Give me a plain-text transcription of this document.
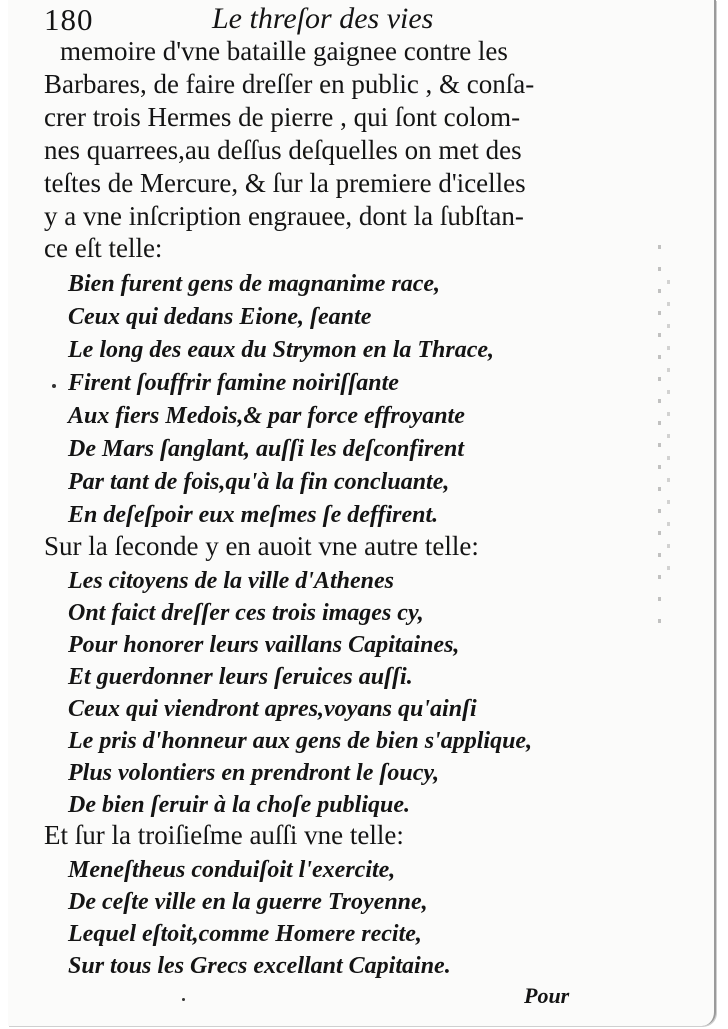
180	Le threſor des vies
memoire d'vne bataille gaignee contre les
Barbares, de faire dreſſer en public , & conſa-
crer trois Hermes de pierre , qui ſont colom-
nes quarrees,au deſſus deſquelles on met des
teſtes de Mercure, & ſur la premiere d'icelles
y a vne inſcription engrauee, dont la ſubſtan-
ce eſt telle:
Bien furent gens de magnanime race,
Ceux qui dedans Eione, ſeante
Le long des eaux du Strymon en la Thrace,
Firent ſouffrir famine noiriſſante
Aux fiers Medois,& par force effroyante
De Mars ſanglant, auſſi les deſconfirent
Par tant de fois,qu'à la fin concluante,
En deſeſpoir eux meſmes ſe deffirent.
Sur la ſeconde y en auoit vne autre telle:
Les citoyens de la ville d'Athenes
Ont faict dreſſer ces trois images cy,
Pour honorer leurs vaillans Capitaines,
Et guerdonner leurs ſeruices auſſi.
Ceux qui viendront apres,voyans qu'ainſi
Le pris d'honneur aux gens de bien s'applique,
Plus volontiers en prendront le ſoucy,
De bien ſeruir à la choſe publique.
Et ſur la troiſieſme auſſi vne telle:
Meneſtheus conduiſoit l'exercite,
De ceſte ville en la guerre Troyenne,
Lequel eſtoit,comme Homere recite,
Sur tous les Grecs excellant Capitaine.
Pour
